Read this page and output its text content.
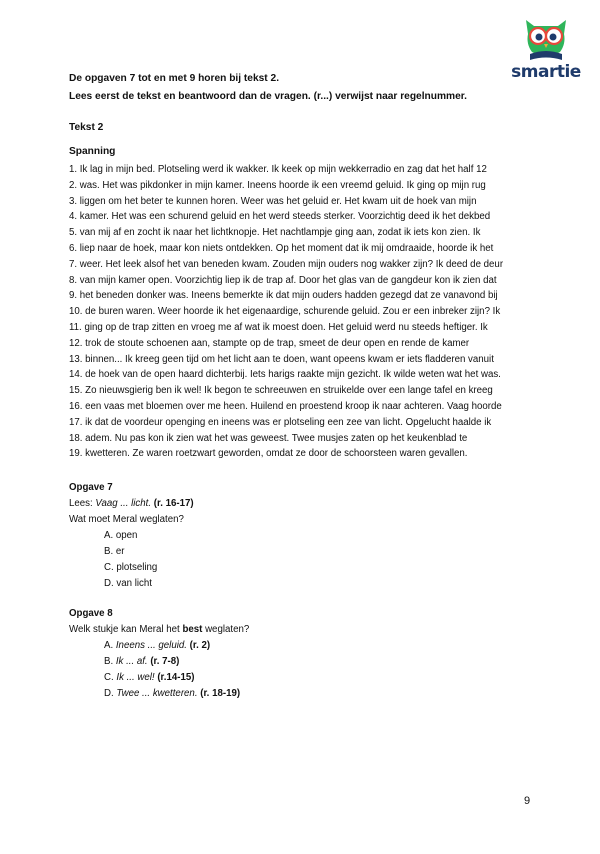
smartie
De opgaven 7 tot en met 9 horen bij tekst 2.
Lees eerst de tekst en beantwoord dan de vragen. (r...) verwijst naar regelnummer.
Tekst 2
Spanning
1. Ik lag in mijn bed. Plotseling werd ik wakker. Ik keek op mijn wekkerradio en zag dat het half 12
2. was. Het was pikdonker in mijn kamer. Ineens hoorde ik een vreemd geluid. Ik ging op mijn rug
3. liggen om het beter te kunnen horen. Weer was het geluid er. Het kwam uit de hoek van mijn
4. kamer. Het was een schurend geluid en het werd steeds sterker. Voorzichtig deed ik het dekbed
5. van mij af en zocht ik naar het lichtknopje. Het nachtlampje ging aan, zodat ik iets kon zien. Ik
6. liep naar de hoek, maar kon niets ontdekken. Op het moment dat ik mij omdraaide, hoorde ik het
7. weer. Het leek alsof het van beneden kwam. Zouden mijn ouders nog wakker zijn? Ik deed de deur
8. van mijn kamer open. Voorzichtig liep ik de trap af. Door het glas van de gangdeur kon ik zien dat
9. het beneden donker was. Ineens bemerkte ik dat mijn ouders hadden gezegd dat ze vanavond bij
10. de buren waren. Weer hoorde ik het eigenaardige, schurende geluid. Zou er een inbreker zijn? Ik
11. ging op de trap zitten en vroeg me af wat ik moest doen. Het geluid werd nu steeds heftiger. Ik
12. trok de stoute schoenen aan, stampte op de trap, smeet de deur open en rende de kamer
13. binnen... Ik kreeg geen tijd om het licht aan te doen, want opeens kwam er iets fladderen vanuit
14. de hoek van de open haard dichterbij. Iets harigs raakte mijn gezicht. Ik wilde weten wat het was.
15. Zo nieuwsgierig ben ik wel! Ik begon te schreeuwen en struikelde over een lange tafel en kreeg
16. een vaas met bloemen over me heen. Huilend en proestend kroop ik naar achteren. Vaag hoorde
17. ik dat de voordeur openging en ineens was er plotseling een zee van licht. Opgelucht haalde ik
18. adem. Nu pas kon ik zien wat het was geweest. Twee musjes zaten op het keukenblad te
19. kwetteren. Ze waren roetzwart geworden, omdat ze door de schoorsteen waren gevallen.
Opgave 7
Lees: Vaag ... licht. (r. 16-17)
Wat moet Meral weglaten?
A. open
B. er
C. plotseling
D. van licht
Opgave 8
Welk stukje kan Meral het best weglaten?
A. Ineens ... geluid. (r. 2)
B. Ik ... af. (r. 7-8)
C. Ik ... wel! (r.14-15)
D. Twee ... kwetteren. (r. 18-19)
9
